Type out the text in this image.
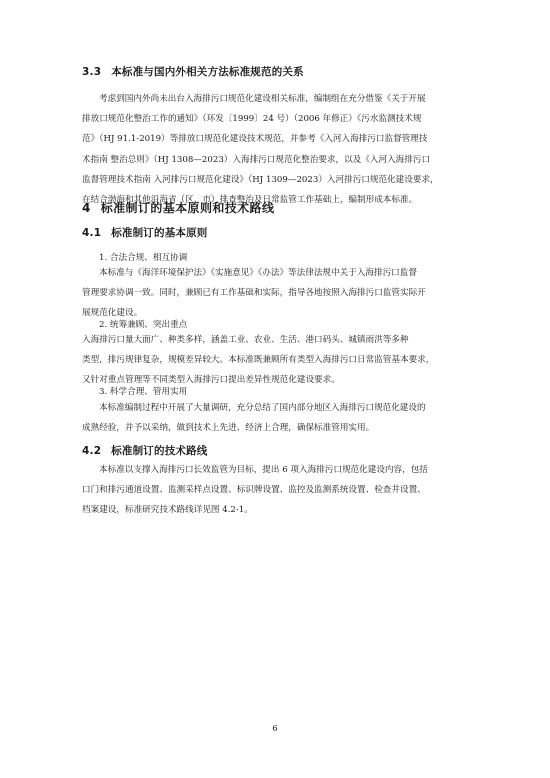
3.3 本标准与国内外相关方法标准规范的关系
考虑到国内外尚未出台入海排污口规范化建设相关标准，编制组在充分借鉴《关于开展
排放口规范化整治工作的通知》（环发〔1999〕24 号）（2006 年修正）《污水监测技术规
范》（HJ 91.1-2019）等排放口规范化建设技术规范，并参考《入河入海排污口监督管理技
术指南 整治总则》（HJ 1308—2023）入海排污口规范化整治要求，以及《入河入海排污口
监督管理技术指南 入河排污口规范化建设》（HJ 1309—2023）入河排污口规范化建设要求，
在结合渤海和其他沿海省（区、市）排查整治及日常监管工作基础上，编制形成本标准。
4 标准制订的基本原则和技术路线
4.1 标准制订的基本原则
1. 合法合规、相互协调
本标准与《海洋环境保护法》《实施意见》《办法》等法律法规中关于入海排污口监督
管理要求协调一致。同时，兼顾已有工作基础和实际，指导各地按照入海排污口监管实际开
展规范化建设。
2. 统筹兼顾、突出重点
入海排污口量大面广、种类多样，涵盖工业、农业、生活、港口码头、城镇雨洪等多种
类型，排污规律复杂，规模差异较大。本标准既兼顾所有类型入海排污口日常监管基本要求，
又针对重点管理等不同类型入海排污口提出差异性规范化建设要求。
3. 科学合理、管用实用
本标准编制过程中开展了大量调研，充分总结了国内部分地区入海排污口规范化建设的
成熟经验，并予以采纳，做到技术上先进、经济上合理，确保标准管用实用。
4.2 标准制订的技术路线
本标准以支撑入海排污口长效监管为目标，提出 6 项入海排污口规范化建设内容，包括
口门和排污通道设置、监测采样点设置、标识牌设置、监控及监测系统设置、检查井设置、
档案建设，标准研究技术路线详见图 4.2-1。
6
